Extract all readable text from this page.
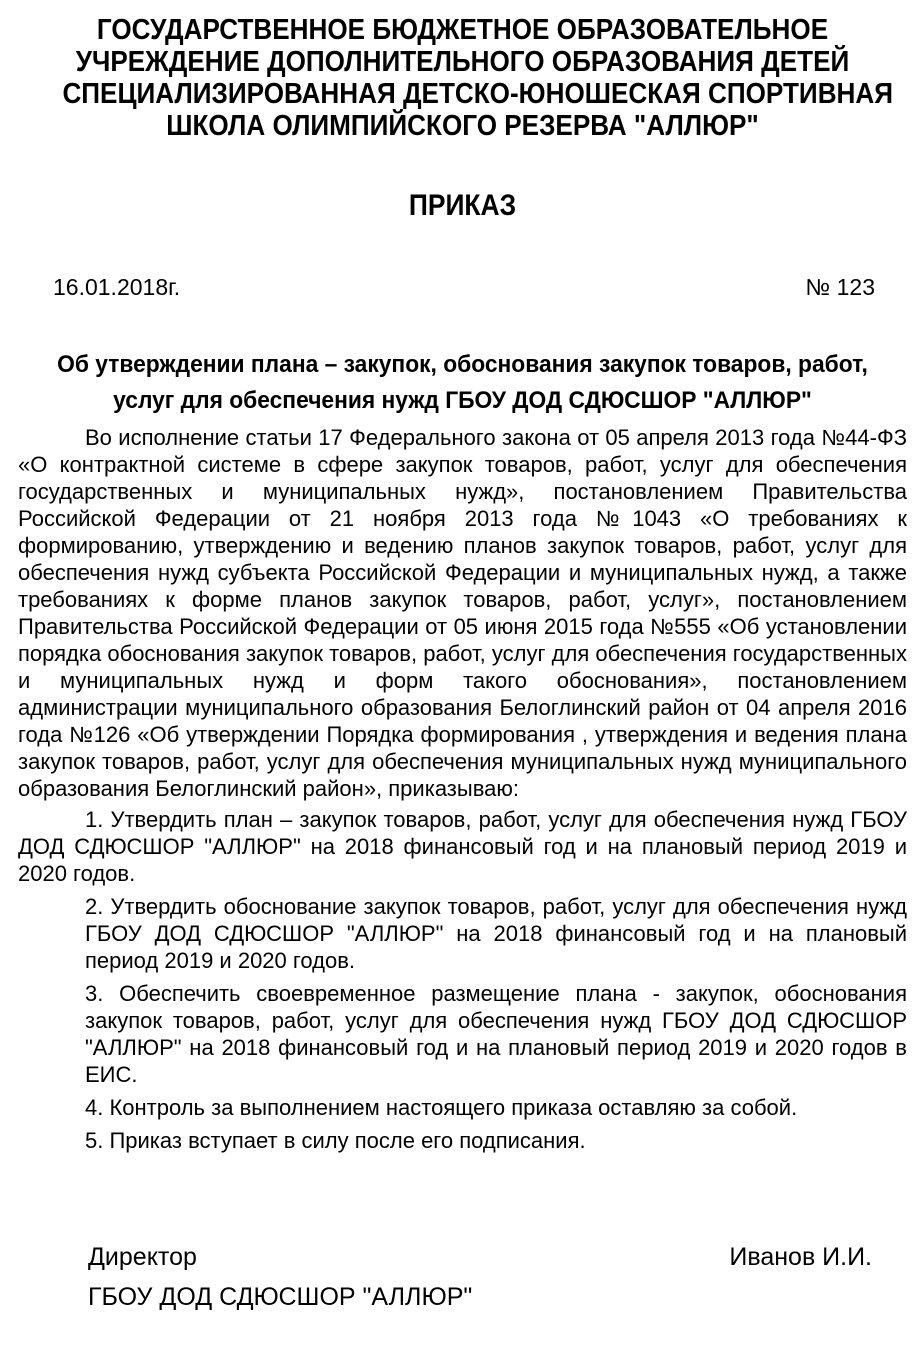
ГОСУДАРСТВЕННОЕ БЮДЖЕТНОЕ ОБРАЗОВАТЕЛЬНОЕ
УЧРЕЖДЕНИЕ ДОПОЛНИТЕЛЬНОГО ОБРАЗОВАНИЯ ДЕТЕЙ
СПЕЦИАЛИЗИРОВАННАЯ ДЕТСКО-ЮНОШЕСКАЯ СПОРТИВНАЯ
ШКОЛА ОЛИМПИЙСКОГО РЕЗЕРВА "АЛЛЮР"
ПРИКАЗ
16.01.2018г.	№ 123
Об утверждении плана – закупок, обоснования закупок товаров, работ,
услуг для обеспечения нужд ГБОУ ДОД СДЮСШОР "АЛЛЮР"

Во исполнение статьи 17 Федерального закона от 05 апреля 2013 года №44-ФЗ «О контрактной системе в сфере закупок товаров, работ, услуг для обеспечения государственных и муниципальных нужд», постановлением Правительства Российской Федерации от 21 ноября 2013 года №1043 «О требованиях к формированию, утверждению и ведению планов закупок товаров, работ, услуг для обеспечения нужд субъекта Российской Федерации и муниципальных нужд, а также требованиях к форме планов закупок товаров, работ, услуг», постановлением Правительства Российской Федерации от 05 июня 2015 года №555 «Об установлении порядка обоснования закупок товаров, работ, услуг для обеспечения государственных и муниципальных нужд и форм такого обоснования», постановлением администрации муниципального образования Белоглинский район от 04 апреля 2016 года №126 «Об утверждении Порядка формирования , утверждения и ведения плана закупок товаров, работ, услуг для обеспечения муниципальных нужд муниципального образования Белоглинский район», приказываю:

1. Утвердить план – закупок товаров, работ, услуг для обеспечения нужд ГБОУ ДОД СДЮСШОР "АЛЛЮР" на 2018 финансовый год и на плановый период 2019 и 2020 годов.

2. Утвердить обоснование закупок товаров, работ, услуг для обеспечения нужд ГБОУ ДОД СДЮСШОР "АЛЛЮР" на 2018 финансовый год и на плановый период 2019 и 2020 годов.

3. Обеспечить своевременное размещение плана - закупок, обоснования закупок товаров, работ, услуг для обеспечения нужд ГБОУ ДОД СДЮСШОР "АЛЛЮР" на 2018 финансовый год и на плановый период 2019 и 2020 годов в ЕИС.

4. Контроль за выполнением настоящего приказа оставляю за собой.

5. Приказ вступает в силу после его подписания.

Директор	Иванов И.И.
ГБОУ ДОД СДЮСШОР "АЛЛЮР"
